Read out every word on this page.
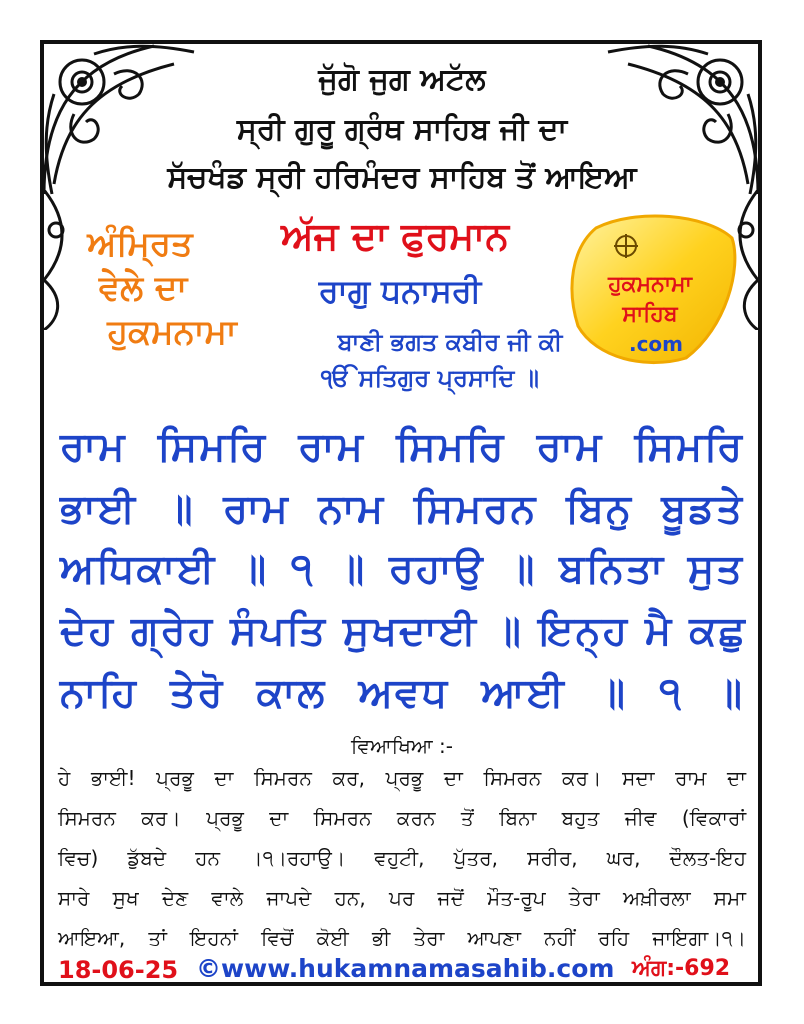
ਜੁੱਗੋ ਜੁਗ ਅਟੱਲ
ਸ੍ਰੀ ਗੁਰੂ ਗ੍ਰੰਥ ਸਾਹਿਬ ਜੀ ਦਾ
ਸੱਚਖੰਡ ਸ੍ਰੀ ਹਰਿਮੰਦਰ ਸਾਹਿਬ ਤੋਂ ਆਇਆ
ਅੰਮ੍ਰਿਤ
ਵੇਲੇ ਦਾ
ਹੁਕਮਨਾਮਾ
ਅੱਜ ਦਾ ਫੁਰਮਾਨ
ਰਾਗੁ ਧਨਾਸਰੀ
ਬਾਣੀ ਭਗਤ ਕਬੀਰ ਜੀ ਕੀ
ੴ ਸਤਿਗੁਰ ਪ੍ਰਸਾਦਿ ॥
ਹੁਕਮਨਾਮਾ
ਸਾਹਿਬ
.com
ਰਾਮ ਸਿਮਰਿ ਰਾਮ ਸਿਮਰਿ ਰਾਮ ਸਿਮਰਿ
ਭਾਈ ॥ ਰਾਮ ਨਾਮ ਸਿਮਰਨ ਬਿਨੁ ਬੂਡਤੇ
ਅਧਿਕਾਈ ॥ ੧ ॥ ਰਹਾਉ ॥ ਬਨਿਤਾ ਸੁਤ
ਦੇਹ ਗ੍ਰੇਹ ਸੰਪਤਿ ਸੁਖਦਾਈ ॥ ਇਨ੍ਹ ਮੈ ਕਛੁ
ਨਾਹਿ ਤੇਰੋ ਕਾਲ ਅਵਧ ਆਈ ॥ ੧ ॥
ਵਿਆਖਿਆ :-
ਹੇ ਭਾਈ! ਪ੍ਰਭੂ ਦਾ ਸਿਮਰਨ ਕਰ, ਪ੍ਰਭੂ ਦਾ ਸਿਮਰਨ ਕਰ। ਸਦਾ ਰਾਮ ਦਾ
ਸਿਮਰਨ ਕਰ। ਪ੍ਰਭੂ ਦਾ ਸਿਮਰਨ ਕਰਨ ਤੋਂ ਬਿਨਾ ਬਹੁਤ ਜੀਵ (ਵਿਕਾਰਾਂ
ਵਿਚ) ਡੁੱਬਦੇ ਹਨ ।੧।ਰਹਾਉ। ਵਹੁਟੀ, ਪੁੱਤਰ, ਸਰੀਰ, ਘਰ, ਦੌਲਤ-ਇਹ
ਸਾਰੇ ਸੁਖ ਦੇਣ ਵਾਲੇ ਜਾਪਦੇ ਹਨ, ਪਰ ਜਦੋਂ ਮੌਤ-ਰੂਪ ਤੇਰਾ ਅਖ਼ੀਰਲਾ ਸਮਾ
ਆਇਆ, ਤਾਂ ਇਹਨਾਂ ਵਿਚੋਂ ਕੋਈ ਭੀ ਤੇਰਾ ਆਪਣਾ ਨਹੀਂ ਰਹਿ ਜਾਇਗਾ।੧।
18-06-25 ©www.hukamnamasahib.com ਅੰਗ:-692
